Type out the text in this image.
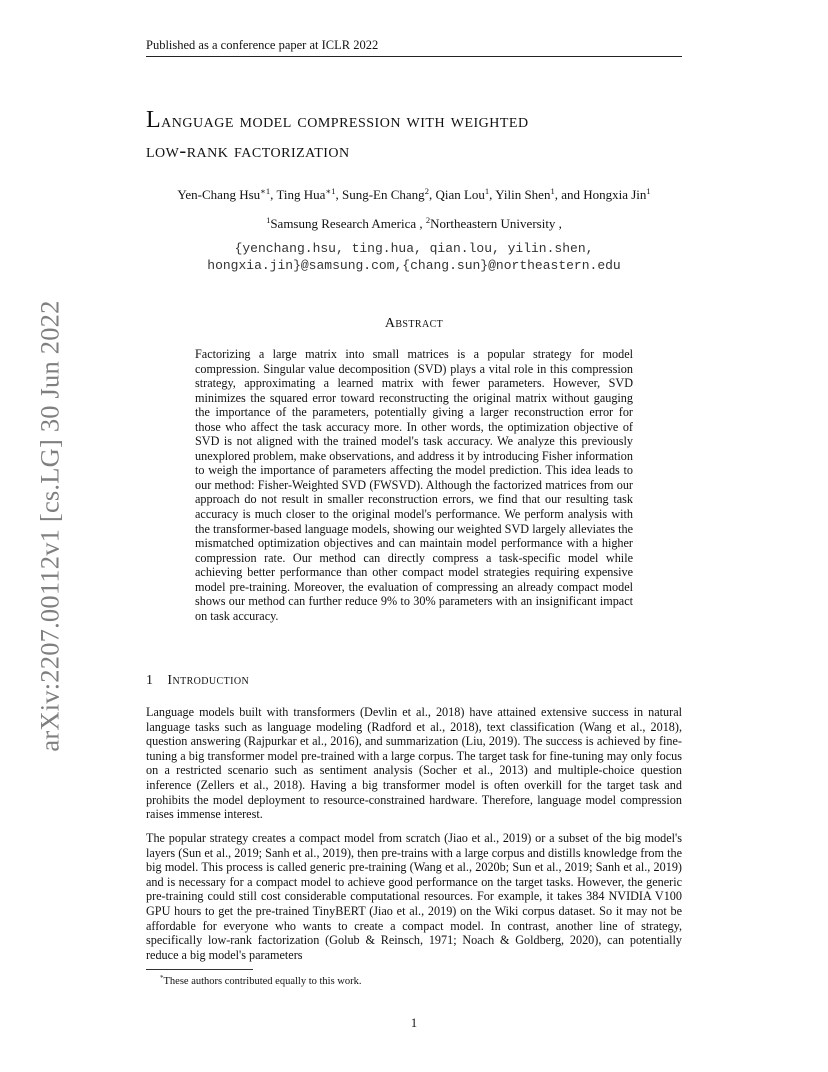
Published as a conference paper at ICLR 2022
arXiv:2207.00112v1 [cs.LG] 30 Jun 2022
Language model compression with weighted
low-rank factorization
Yen-Chang Hsu$^{∗1}$, Ting Hua$^{∗1}$, Sung-En Chang$^2$, Qian Lou$^1$, Yilin Shen$^1$, and Hongxia Jin$^1$
$^1$Samsung Research America , $^2$Northeastern University ,
{yenchang.hsu, ting.hua, qian.lou, yilin.shen,
hongxia.jin}@samsung.com,{chang.sun}@northeastern.edu
Abstract
Factorizing a large matrix into small matrices is a popular strategy for model compression. Singular value decomposition (SVD) plays a vital role in this compression strategy, approximating a learned matrix with fewer parameters. However, SVD minimizes the squared error toward reconstructing the original matrix without gauging the importance of the parameters, potentially giving a larger reconstruction error for those who affect the task accuracy more. In other words, the optimization objective of SVD is not aligned with the trained model's task accuracy. We analyze this previously unexplored problem, make observations, and address it by introducing Fisher information to weigh the importance of parameters affecting the model prediction. This idea leads to our method: Fisher-Weighted SVD (FWSVD). Although the factorized matrices from our approach do not result in smaller reconstruction errors, we find that our resulting task accuracy is much closer to the original model's performance. We perform analysis with the transformer-based language models, showing our weighted SVD largely alleviates the mismatched optimization objectives and can maintain model performance with a higher compression rate. Our method can directly compress a task-specific model while achieving better performance than other compact model strategies requiring expensive model pre-training. Moreover, the evaluation of compressing an already compact model shows our method can further reduce 9% to 30% parameters with an insignificant impact on task accuracy.
1 Introduction
Language models built with transformers (Devlin et al., 2018) have attained extensive success in natural language tasks such as language modeling (Radford et al., 2018), text classification (Wang et al., 2018), question answering (Rajpurkar et al., 2016), and summarization (Liu, 2019). The success is achieved by fine-tuning a big transformer model pre-trained with a large corpus. The target task for fine-tuning may only focus on a restricted scenario such as sentiment analysis (Socher et al., 2013) and multiple-choice question inference (Zellers et al., 2018). Having a big transformer model is often overkill for the target task and prohibits the model deployment to resource-constrained hardware. Therefore, language model compression raises immense interest.
The popular strategy creates a compact model from scratch (Jiao et al., 2019) or a subset of the big model's layers (Sun et al., 2019; Sanh et al., 2019), then pre-trains with a large corpus and distills knowledge from the big model. This process is called generic pre-training (Wang et al., 2020b; Sun et al., 2019; Sanh et al., 2019) and is necessary for a compact model to achieve good performance on the target tasks. However, the generic pre-training could still cost considerable computational resources. For example, it takes 384 NVIDIA V100 GPU hours to get the pre-trained TinyBERT (Jiao et al., 2019) on the Wiki corpus dataset. So it may not be affordable for everyone who wants to create a compact model. In contrast, another line of strategy, specifically low-rank factorization (Golub & Reinsch, 1971; Noach & Goldberg, 2020), can potentially reduce a big model's parameters
*These authors contributed equally to this work.
1
